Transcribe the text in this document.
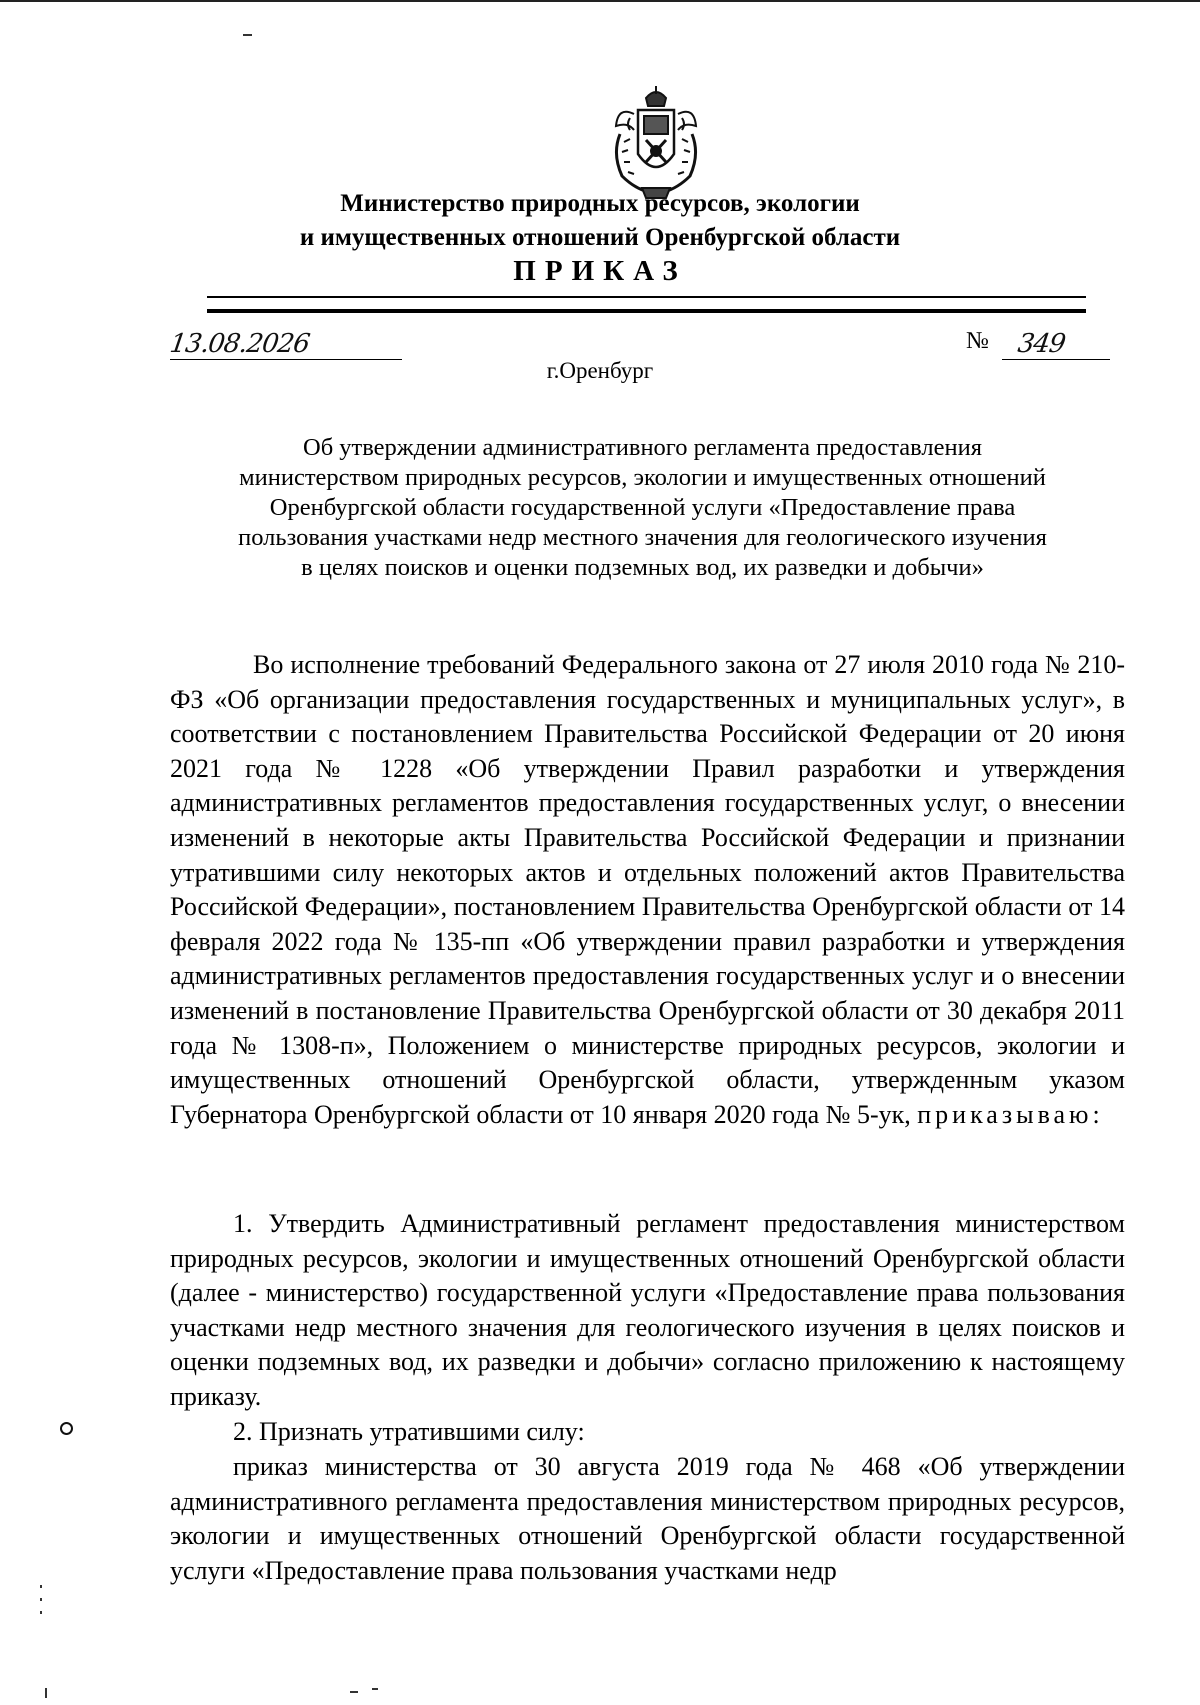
Министерство природных ресурсов, экологии

и имущественных отношений Оренбургской области

ПРИКАЗ

13.08.2026	№ 349
г.Оренбург
Об утверждении административного регламента предоставления
министерством природных ресурсов, экологии и имущественных отношений
Оренбургской области государственной услуги «Предоставление права
пользования участками недр местного значения для геологического изучения
в целях поисков и оценки подземных вод, их разведки и добычи»

Во исполнение требований Федерального закона от 27 июля 2010 года № 210-ФЗ «Об организации предоставления государственных и муниципальных услуг», в соответствии с постановлением Правительства Российской Федерации от 20 июня 2021 года № 1228 «Об утверждении Правил разработки и утверждения административных регламентов предоставления государственных услуг, о внесении изменений в некоторые акты Правительства Российской Федерации и признании утратившими силу некоторых актов и отдельных положений актов Правительства Российской Федерации», постановлением Правительства Оренбургской области от 14 февраля 2022 года № 135-пп «Об утверждении правил разработки и утверждения административных регламентов предоставления государственных услуг и о внесении изменений в постановление Правительства Оренбургской области от 30 декабря 2011 года № 1308-п», Положением о министерстве природных ресурсов, экологии и имущественных отношений Оренбургской области, утвержденным указом Губернатора Оренбургской области от 10 января 2020 года № 5-ук, приказываю:

1. Утвердить Административный регламент предоставления министерством природных ресурсов, экологии и имущественных отношений Оренбургской области (далее - министерство) государственной услуги «Предоставление права пользования участками недр местного значения для геологического изучения в целях поисков и оценки подземных вод, их разведки и добычи» согласно приложению к настоящему приказу.

2. Признать утратившими силу:

приказ министерства от 30 августа 2019 года № 468 «Об утверждении административного регламента предоставления министерством природных ресурсов, экологии и имущественных отношений Оренбургской области государственной услуги «Предоставление права пользования участками недр
